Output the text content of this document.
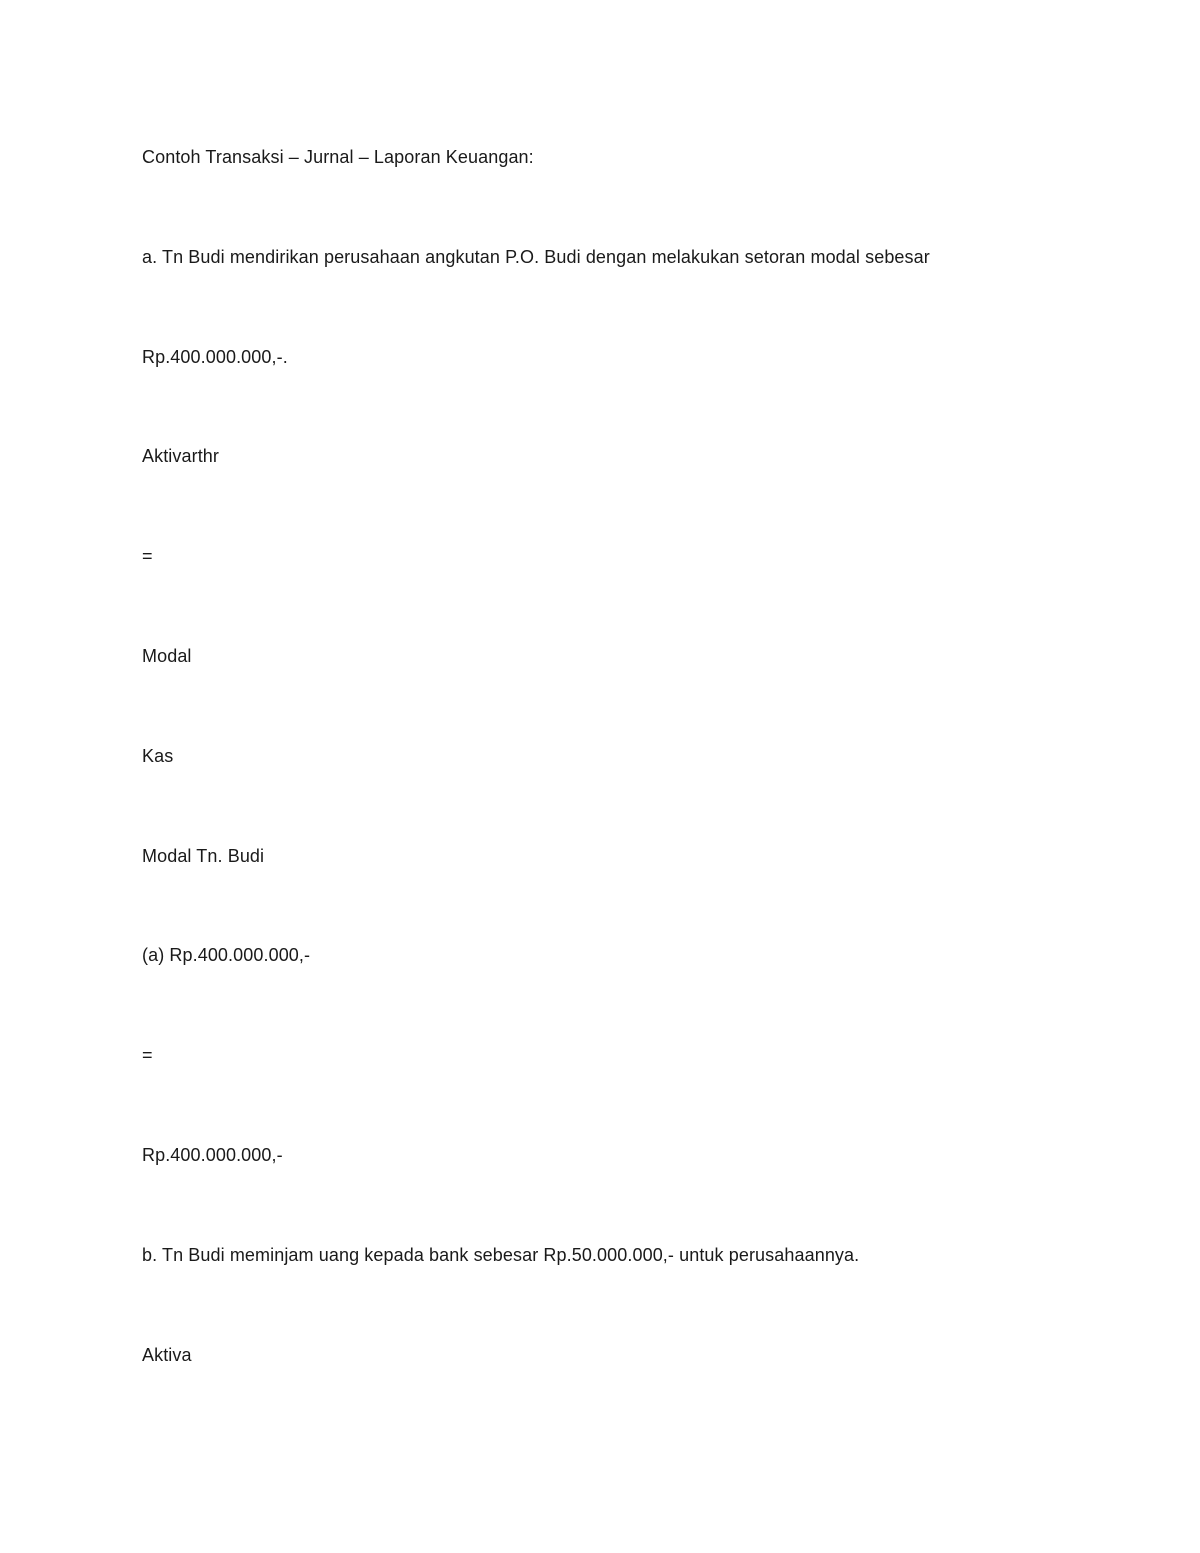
Contoh Transaksi – Jurnal – Laporan Keuangan:

a. Tn Budi mendirikan perusahaan angkutan P.O. Budi dengan melakukan setoran modal sebesar

Rp.400.000.000,-.

Aktivarthr

=

Modal

Kas

Modal Tn. Budi

(a) Rp.400.000.000,-

=

Rp.400.000.000,-

b. Tn Budi meminjam uang kepada bank sebesar Rp.50.000.000,- untuk perusahaannya.

Aktiva
